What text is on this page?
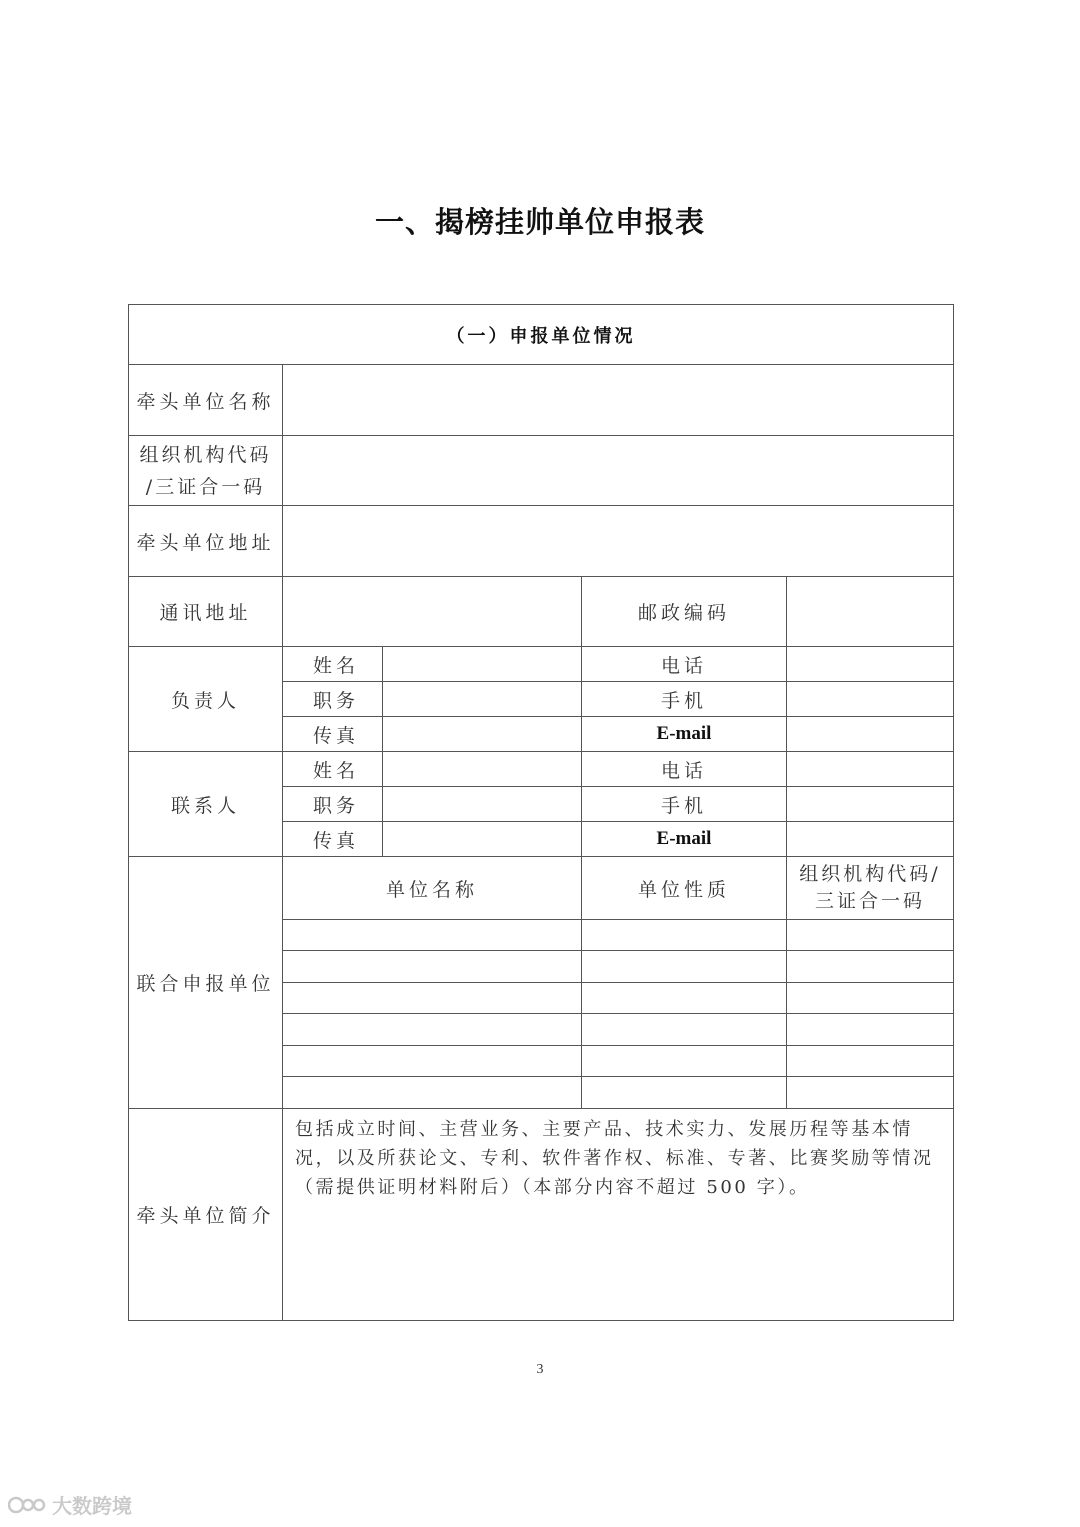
一、揭榜挂帅单位申报表
（一）申报单位情况				
牵头单位名称				
组织机构代码
/三证合一码				
牵头单位地址				
通讯地址			邮政编码	
负责人	姓名		电话	
	职务		手机	
	传真		E-mail	
联系人	姓名		电话	
	职务		手机	
	传真		E-mail	
联合申报单位	单位名称		单位性质	组织机构代码/
三证合一码

牵头单位简介	包括成立时间、主营业务、主要产品、技术实力、发展历程等基本情况，以及所获论文、专利、软件著作权、标准、专著、比赛奖励等情况（需提供证明材料附后）（本部分内容不超过 500 字）。			
3
大数跨境
